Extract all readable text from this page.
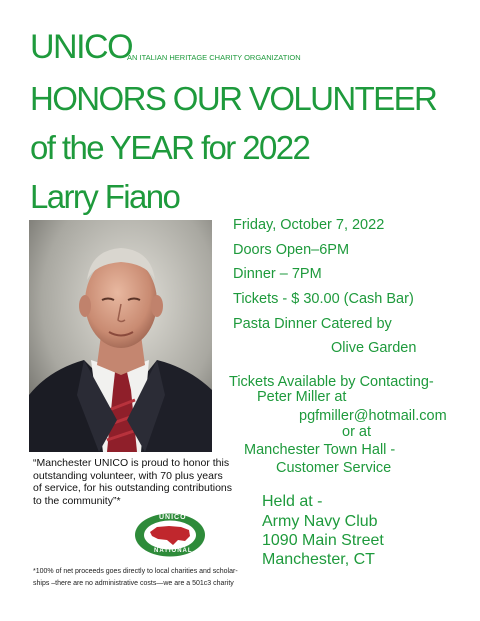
UNICO
AN ITALIAN HERITAGE CHARITY ORGANIZATION
HONORS OUR VOLUNTEER
of the YEAR for 2022
Larry Fiano
Friday, October 7, 2022
Doors Open–6PM
Dinner – 7PM
Tickets - $ 30.00 (Cash Bar)
Pasta Dinner Catered by
Olive Garden
Tickets Available by Contacting-
Peter Miller at
pgfmiller@hotmail.com
or at
Manchester Town Hall -
Customer Service
Held at -
Army Navy Club
1090 Main Street
Manchester, CT
“Manchester UNICO is proud to honor this outstanding volunteer, with 70 plus years of service, for his outstanding contributions to the community”*
UNICO
NATIONAL
*100% of net proceeds goes directly to local charities and scholar-ships –there are no administrative costs—we are a 501c3 charity
